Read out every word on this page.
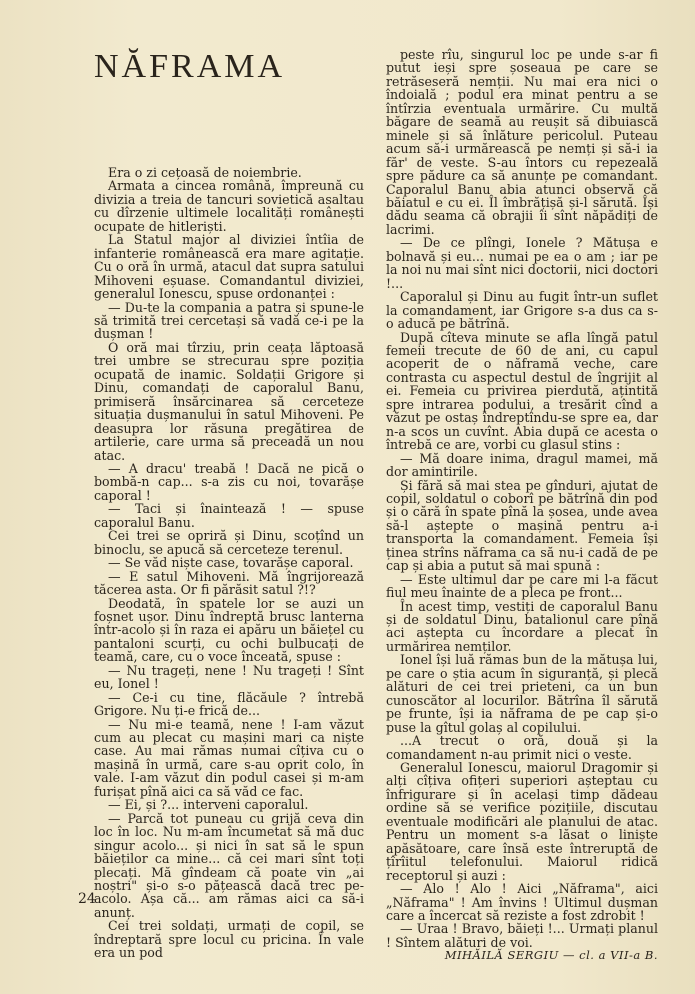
NĂFRAMA

Era o zi cețoasă de noiembrie.

Armata a cincea română, împreună cu divizia a treia de tancuri sovietică asaltau cu dîrzenie ultimele localități românești ocupate de hitleriști.

La Statul major al diviziei întîia de infanterie românească era mare agitație. Cu o oră în urmă, atacul dat supra satului Mihoveni eșuase. Comandantul diviziei, generalul Ionescu, spuse ordonanței :

— Du-te la compania a patra și spune-le să trimită trei cercetași să vadă ce-i pe la dușman !

O oră mai tîrziu, prin ceața lăptoasă trei umbre se strecurau spre poziția ocupată de inamic. Soldații Grigore și Dinu, comandați de caporalul Banu, primiseră însărcinarea să cerceteze situația dușmanului în satul Mihoveni. Pe deasupra lor răsuna pregătirea de artilerie, care urma să preceadă un nou atac.

— A dracu' treabă ! Dacă ne pică o bombă-n cap... s-a zis cu noi, tovarășe caporal !

— Taci și înaintează ! — spuse caporalul Banu.

Cei trei se opriră și Dinu, scoțînd un binoclu, se apucă să cerceteze terenul.

— Se văd niște case, tovarășe caporal.

— E satul Mihoveni. Mă îngrijorează tăcerea asta. Or fi părăsit satul ?!?

Deodată, în spatele lor se auzi un foșnet ușor. Dinu îndreptă brusc lanterna într-acolo și în raza ei apăru un băiețel cu pantaloni scurți, cu ochi bulbucați de teamă, care, cu o voce înceată, spuse :

— Nu trageți, nene ! Nu trageți ! Sînt eu, Ionel !

— Ce-i cu tine, flăcăule ? întrebă Grigore. Nu ți-e frică de...

— Nu mi-e teamă, nene ! I-am văzut cum au plecat cu mașini mari ca niște case. Au mai rămas numai cîțiva cu o mașină în urmă, care s-au oprit colo, în vale. I-am văzut din podul casei și m-am furișat pînă aici ca să văd ce fac.

— Ei, și ?... interveni caporalul.

— Parcă tot puneau cu grijă ceva din loc în loc. Nu m-am încumetat să mă duc singur acolo... și nici în sat să le spun băieților ca mine... că cei mari sînt toți plecați. Mă gîndeam că poate vin „ai noștri" și-o s-o pățească dacă trec pe-acolo. Așa că... am rămas aici ca să-i anunț.

Cei trei soldați, urmați de copil, se îndreptară spre locul cu pricina. În vale era un pod

peste rîu, singurul loc pe unde s-ar fi putut ieși spre șoseaua pe care se retrăseseră nemții. Nu mai era nici o îndoială ; podul era minat pentru a se întîrzia eventuala urmărire. Cu multă băgare de seamă au reușit să dibuiască minele și să înlăture pericolul. Puteau acum să-i urmărească pe nemți și să-i ia făr' de veste. S-au întors cu repezeală spre pădure ca să anunțe pe comandant. Caporalul Banu abia atunci observă că băiatul e cu ei. Îl îmbrățișă și-l sărută. Își dădu seama că obrajii îi sînt năpădiți de lacrimi.

— De ce plîngi, Ionele ? Mătușa e bolnavă și eu... numai pe ea o am ; iar pe la noi nu mai sînt nici doctorii, nici doctori !...

Caporalul și Dinu au fugit într-un suflet la comandament, iar Grigore s-a dus ca s-o aducă pe bătrînă.

După cîteva minute se afla lîngă patul femeii trecute de 60 de ani, cu capul acoperit de o năframă veche, care contrasta cu aspectul destul de îngrijit al ei. Femeia cu privirea pierdută, ațintită spre intrarea podului, a tresărit cînd a văzut pe ostaș îndreptîndu-se spre ea, dar n-a scos un cuvînt. Abia după ce acesta o întrebă ce are, vorbi cu glasul stins :

— Mă doare inima, dragul mamei, mă dor amintirile.

Și fără să mai stea pe gînduri, ajutat de copil, soldatul o coborî pe bătrînă din pod și o cără în spate pînă la șosea, unde avea să-l aștepte o mașină pentru a-i transporta la comandament. Femeia își ținea strîns năframa ca să nu-i cadă de pe cap și abia a putut să mai spună :

— Este ultimul dar pe care mi l-a făcut fiul meu înainte de a pleca pe front...

În acest timp, vestiți de caporalul Banu și de soldatul Dinu, batalionul care pînă aci aștepta cu încordare a plecat în urmărirea nemților.

Ionel își luă rămas bun de la mătușa lui, pe care o știa acum în siguranță, și plecă alături de cei trei prieteni, ca un bun cunoscător al locurilor. Bătrîna îl sărută pe frunte, își ia năframa de pe cap și-o puse la gîtul golaș al copilului.

...A trecut o oră, două și la comandament n-au primit nici o veste.

Generalul Ionescu, maiorul Dragomir și alți cîțiva ofițeri superiori așteptau cu înfrigurare și în același timp dădeau ordine să se verifice pozițiile, discutau eventuale modificări ale planului de atac. Pentru un moment s-a lăsat o liniște apăsătoare, care însă este întreruptă de țîrîitul telefonului. Maiorul ridică receptorul și auzi :

— Alo ! Alo ! Aici „Năframa", aici „Năframa" ! Am învins ! Ultimul dușman care a încercat să reziste a fost zdrobit !

— Uraa ! Bravo, băieți !... Urmați planul ! Sîntem alături de voi.

MIHĂILĂ SERGIU — cl. a VII-a B.

24
